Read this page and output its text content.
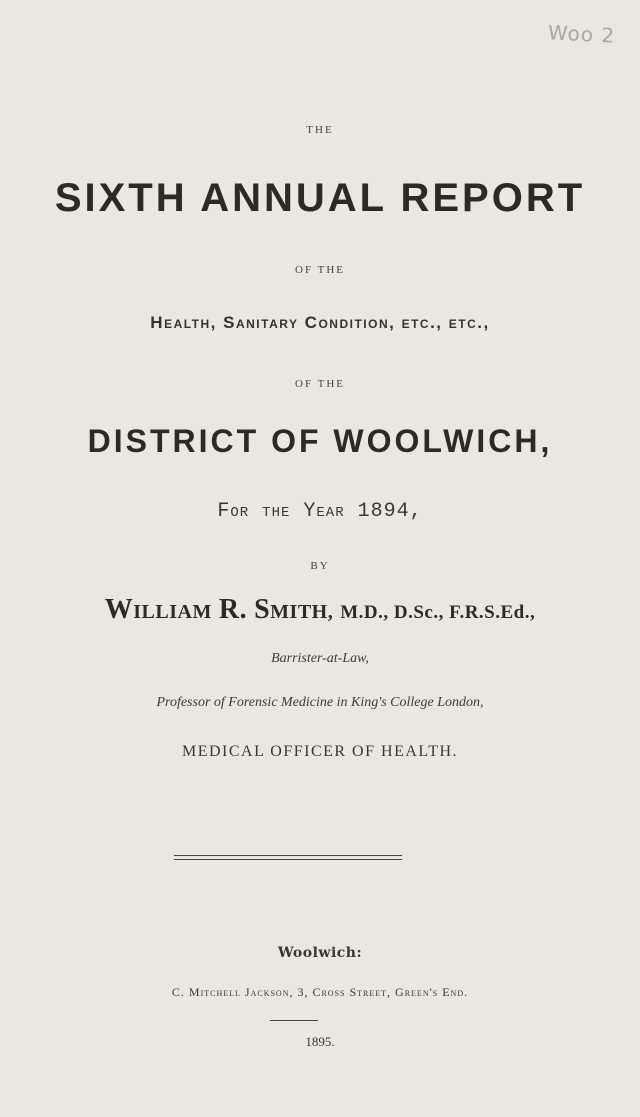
Woo 2
THE
SIXTH ANNUAL REPORT
OF THE
Health, Sanitary Condition, etc., etc.,
OF THE
DISTRICT OF WOOLWICH,
For the Year 1894,
BY
WILLIAM R. SMITH, M.D., D.Sc., F.R.S.Ed.,
Barrister-at-Law,
Professor of Forensic Medicine in King's College London,
MEDICAL OFFICER OF HEALTH.
Woolwich:
C. Mitchell Jackson, 3, Cross Street, Green's End.
1895.
